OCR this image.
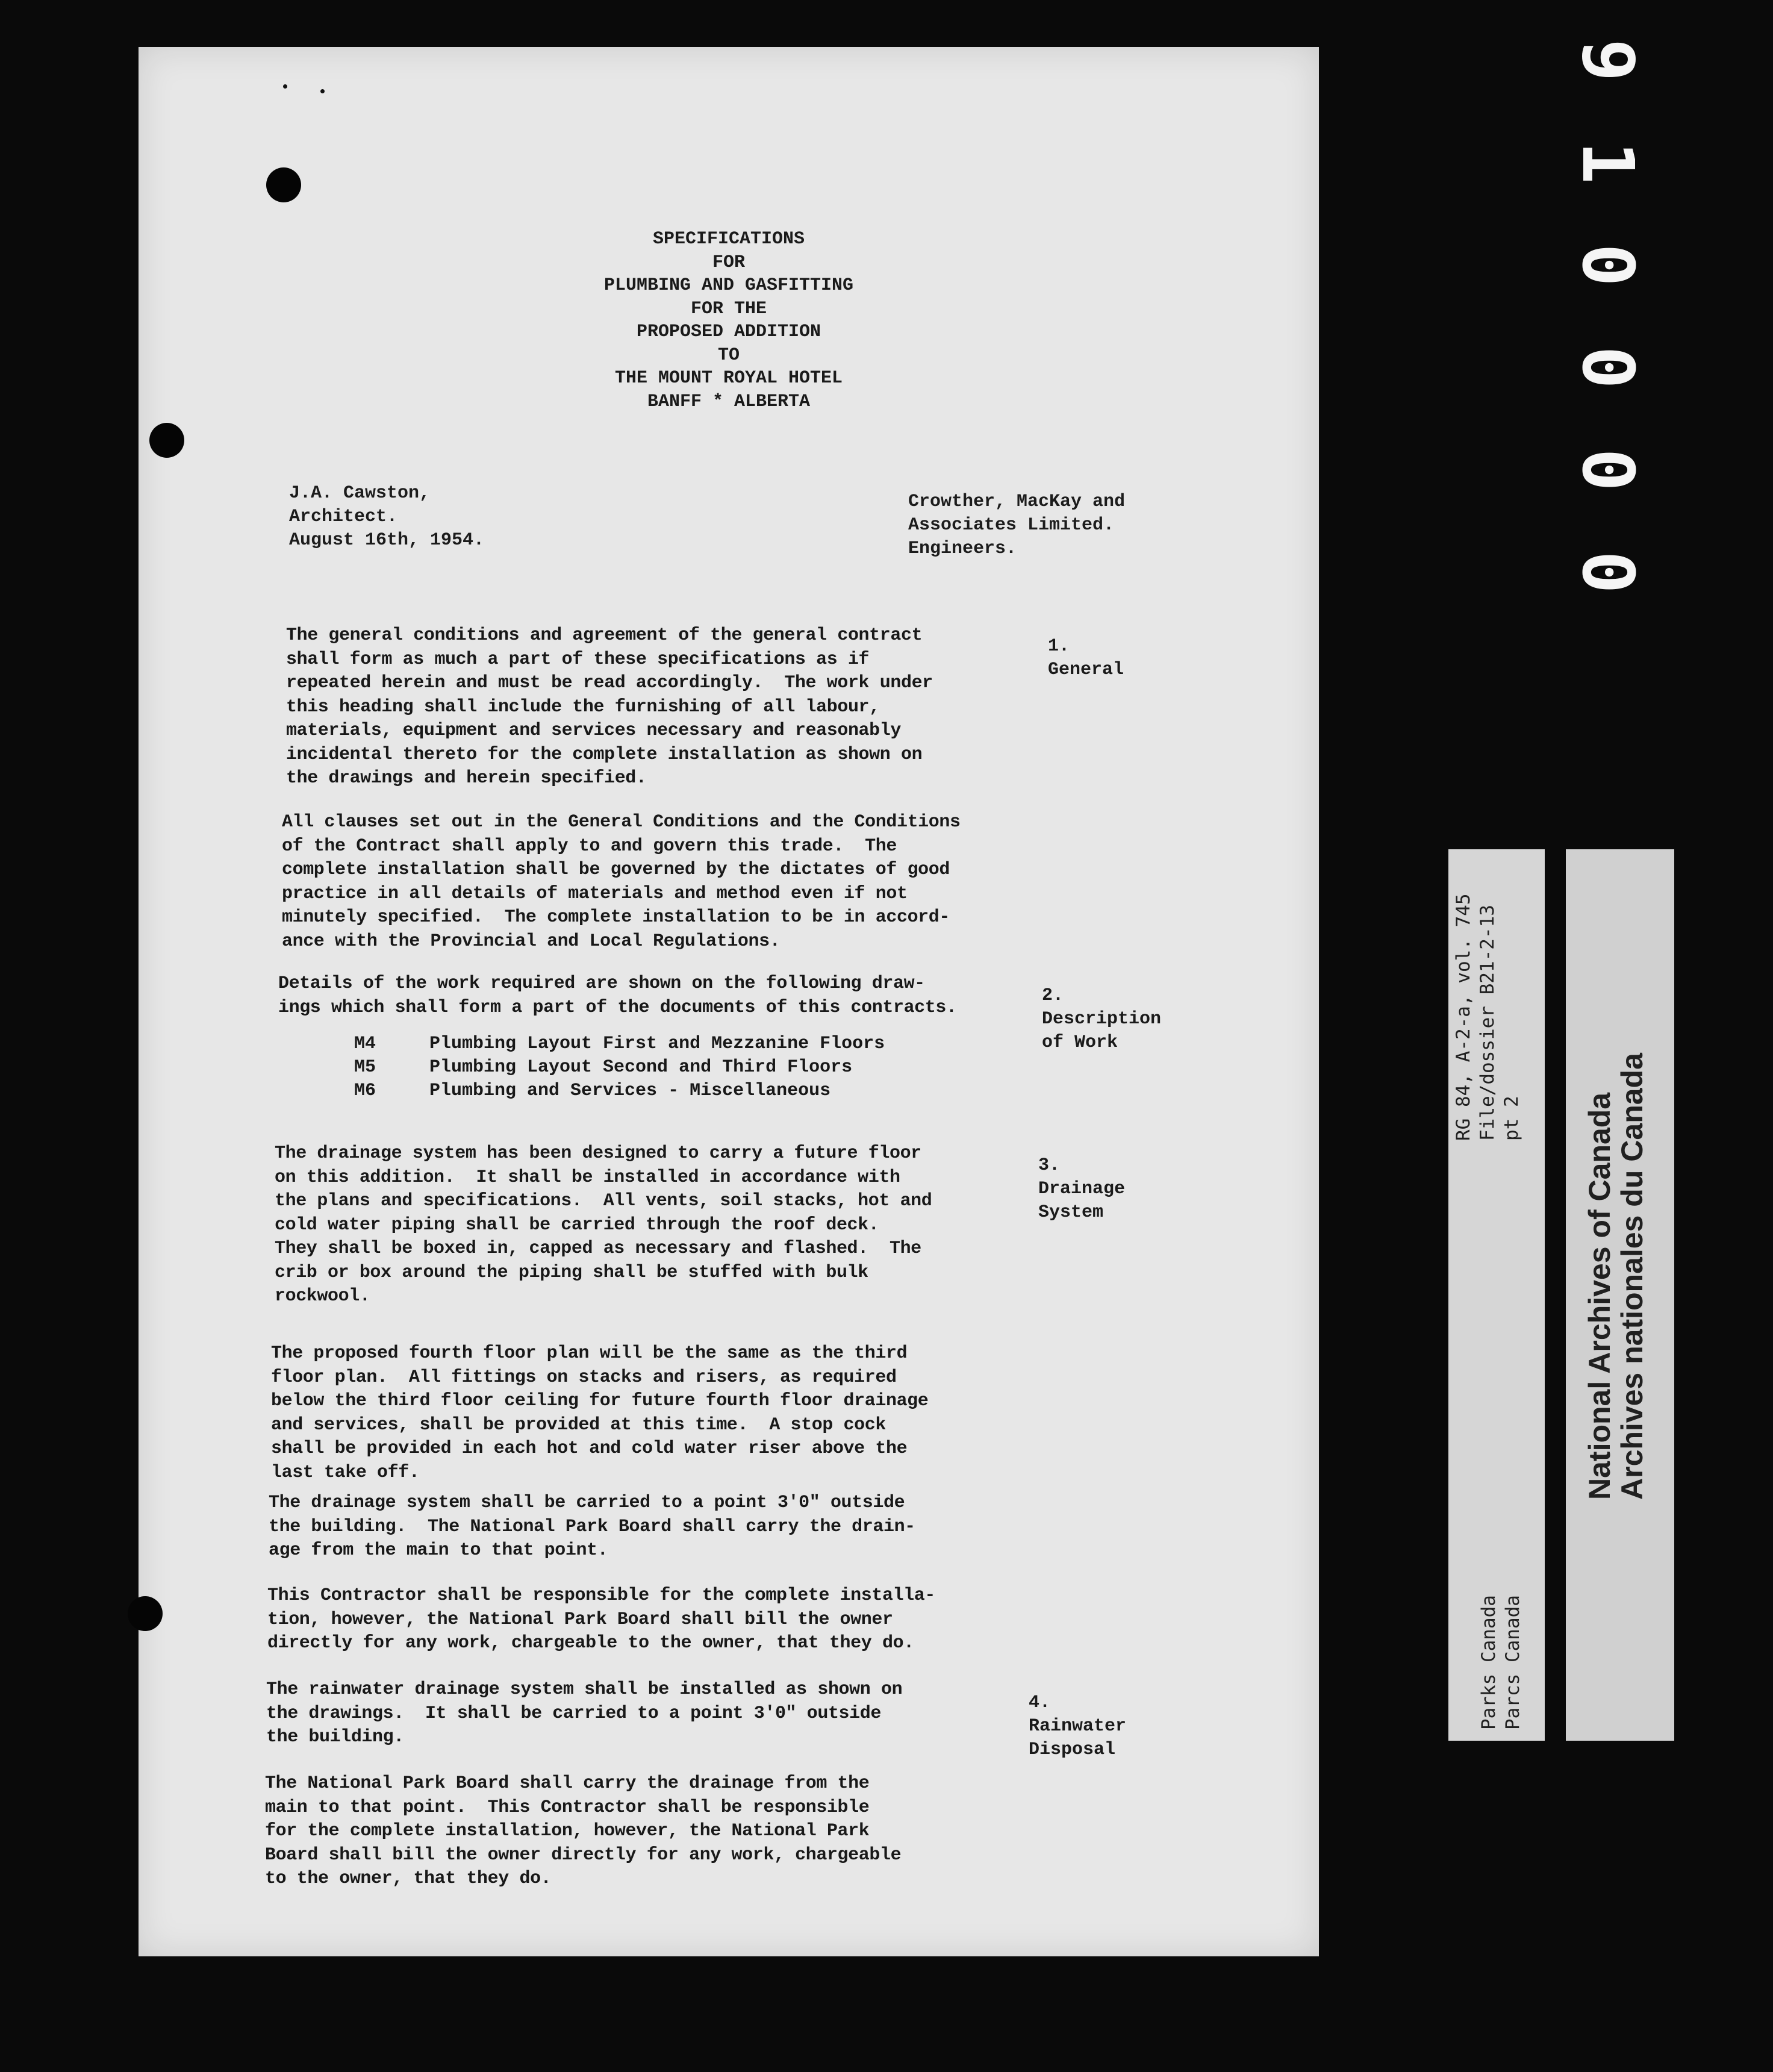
SPECIFICATIONS
FOR
PLUMBING AND GASFITTING
FOR THE
PROPOSED ADDITION
TO
THE MOUNT ROYAL HOTEL
BANFF * ALBERTA
J.A. Cawston,
Architect.
August 16th, 1954.
Crowther, MacKay and
Associates Limited.
Engineers.
The general conditions and agreement of the general contract
shall form as much a part of these specifications as if
repeated herein and must be read accordingly.  The work under
this heading shall include the furnishing of all labour,
materials, equipment and services necessary and reasonably
incidental thereto for the complete installation as shown on
the drawings and herein specified.
1.
General
All clauses set out in the General Conditions and the Conditions
of the Contract shall apply to and govern this trade.  The
complete installation shall be governed by the dictates of good
practice in all details of materials and method even if not
minutely specified.  The complete installation to be in accord-
ance with the Provincial and Local Regulations.
Details of the work required are shown on the following draw-
ings which shall form a part of the documents of this contracts.
2.
Description
of Work
M4	Plumbing Layout First and Mezzanine Floors
M5	Plumbing Layout Second and Third Floors
M6	Plumbing and Services - Miscellaneous
The drainage system has been designed to carry a future floor
on this addition.  It shall be installed in accordance with
the plans and specifications.  All vents, soil stacks, hot and
cold water piping shall be carried through the roof deck.
They shall be boxed in, capped as necessary and flashed.  The
crib or box around the piping shall be stuffed with bulk
rockwool.
3.
Drainage
System
The proposed fourth floor plan will be the same as the third
floor plan.  All fittings on stacks and risers, as required
below the third floor ceiling for future fourth floor drainage
and services, shall be provided at this time.  A stop cock
shall be provided in each hot and cold water riser above the
last take off.
The drainage system shall be carried to a point 3'0" outside
the building.  The National Park Board shall carry the drain-
age from the main to that point.
This Contractor shall be responsible for the complete installa-
tion, however, the National Park Board shall bill the owner
directly for any work, chargeable to the owner, that they do.
The rainwater drainage system shall be installed as shown on
the drawings.  It shall be carried to a point 3'0" outside
the building.
4.
Rainwater
Disposal
The National Park Board shall carry the drainage from the
main to that point.  This Contractor shall be responsible
for the complete installation, however, the National Park
Board shall bill the owner directly for any work, chargeable
to the owner, that they do.
9
1
0
0
0
0
RG 84, A-2-a, vol. 745 File/dossier B21-2-13 pt 2
Parks Canada Parcs Canada
National Archives of Canada
Archives nationales du Canada
